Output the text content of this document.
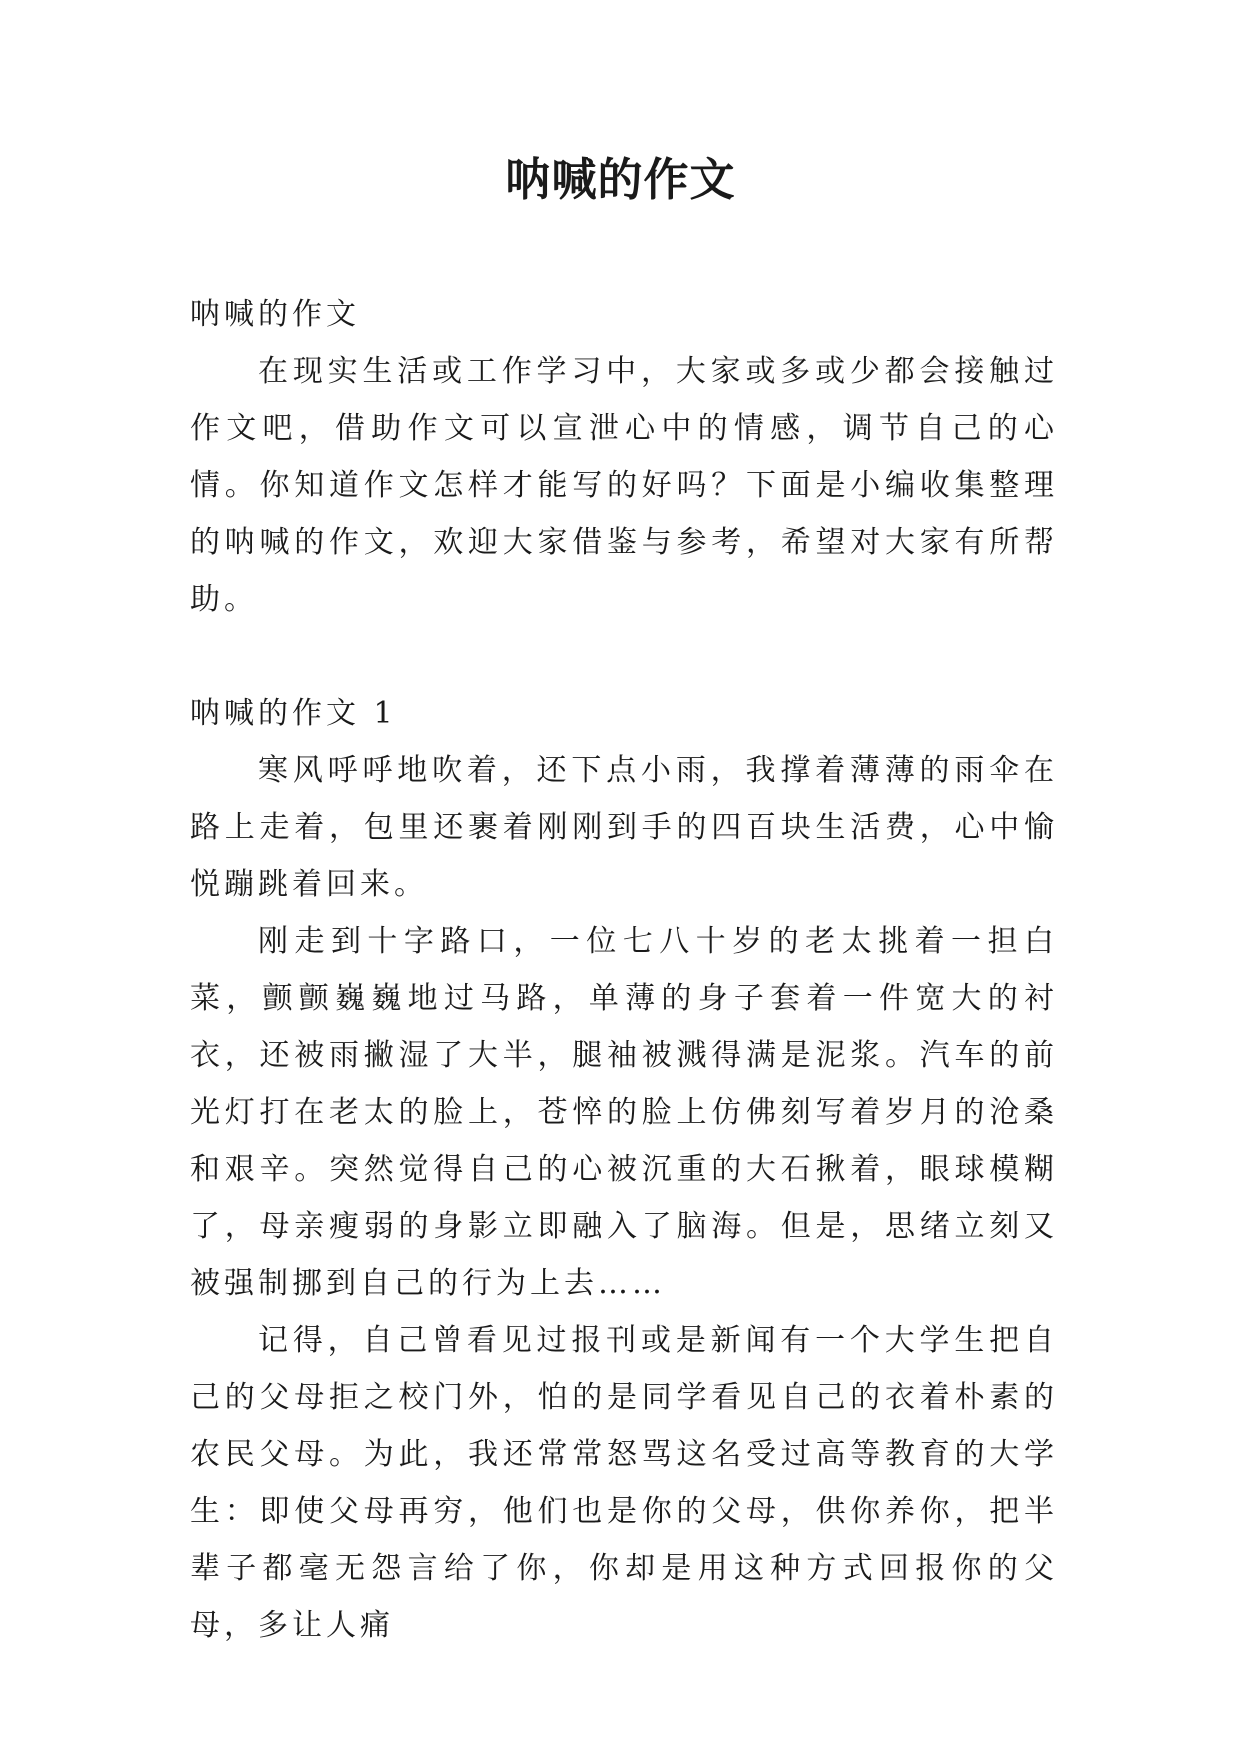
呐喊的作文

呐喊的作文

在现实生活或工作学习中，大家或多或少都会接触过作文吧，借助作文可以宣泄心中的情感，调节自己的心情。你知道作文怎样才能写的好吗？下面是小编收集整理的呐喊的作文，欢迎大家借鉴与参考，希望对大家有所帮助。

呐喊的作文 1

寒风呼呼地吹着，还下点小雨，我撑着薄薄的雨伞在路上走着，包里还裹着刚刚到手的四百块生活费，心中愉悦蹦跳着回来。

刚走到十字路口，一位七八十岁的老太挑着一担白菜，颤颤巍巍地过马路，单薄的身子套着一件宽大的衬衣，还被雨撇湿了大半，腿袖被溅得满是泥浆。汽车的前光灯打在老太的脸上，苍悴的脸上仿佛刻写着岁月的沧桑和艰辛。突然觉得自己的心被沉重的大石揪着，眼球模糊了，母亲瘦弱的身影立即融入了脑海。但是，思绪立刻又被强制挪到自己的行为上去……

记得，自己曾看见过报刊或是新闻有一个大学生把自己的父母拒之校门外，怕的是同学看见自己的衣着朴素的农民父母。为此，我还常常怒骂这名受过高等教育的大学生：即使父母再穷，他们也是你的父母，供你养你，把半辈子都毫无怨言给了你，你却是用这种方式回报你的父母，多让人痛
